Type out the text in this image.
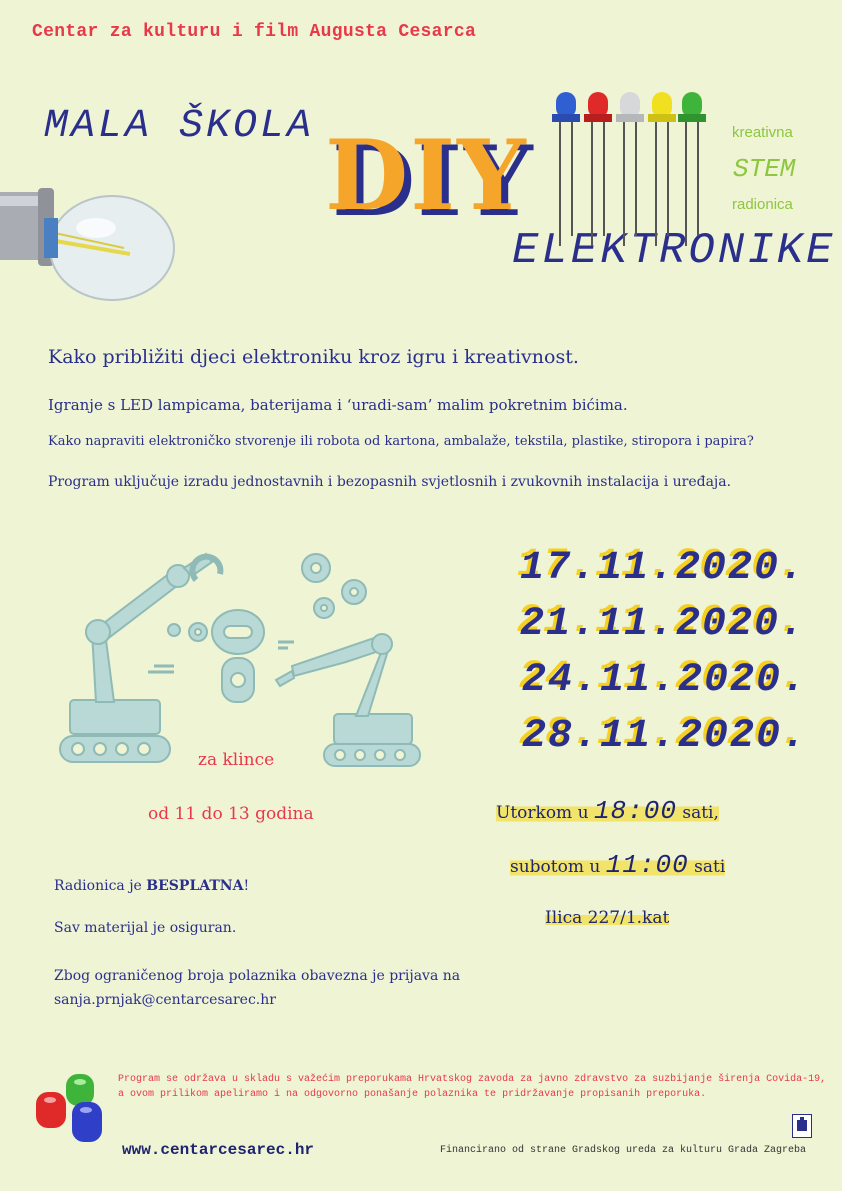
Centar za kulturu i film Augusta Cesarca
MALA ŠKOLA DIY
ELEKTRONIKE
kreativna
STEM
radionica
Kako približiti djeci elektroniku kroz igru i kreativnost.
Igranje s LED lampicama, baterijama i ‘uradi-sam’ malim pokretnim bićima.
Kako napraviti elektroničko stvorenje ili robota od kartona, ambalaže, tekstila, plastike, stiropora i papira?
Program uključuje izradu jednostavnih i bezopasnih svjetlosnih i zvukovnih instalacija i uređaja.
17.11.2020.
21.11.2020.
24.11.2020.
28.11.2020.
za klince
od 11 do 13 godina	Utorkom u 18:00 sati,
subotom u 11:00 sati
Ilica 227/1.kat
Radionica je BESPLATNA!
Sav materijal je osiguran.
Zbog ograničenog broja polaznika obavezna je prijava na
sanja.prnjak@centarcesarec.hr
Program se održava u skladu s važećim preporukama Hrvatskog zavoda za javno zdravstvo za suzbijanje širenja Covida-19, a ovom prilikom apeliramo i na odgovorno ponašanje polaznika te pridržavanje propisanih preporuka.
www.centarcesarec.hr	Financirano od strane Gradskog ureda za kulturu Grada Zagreba
